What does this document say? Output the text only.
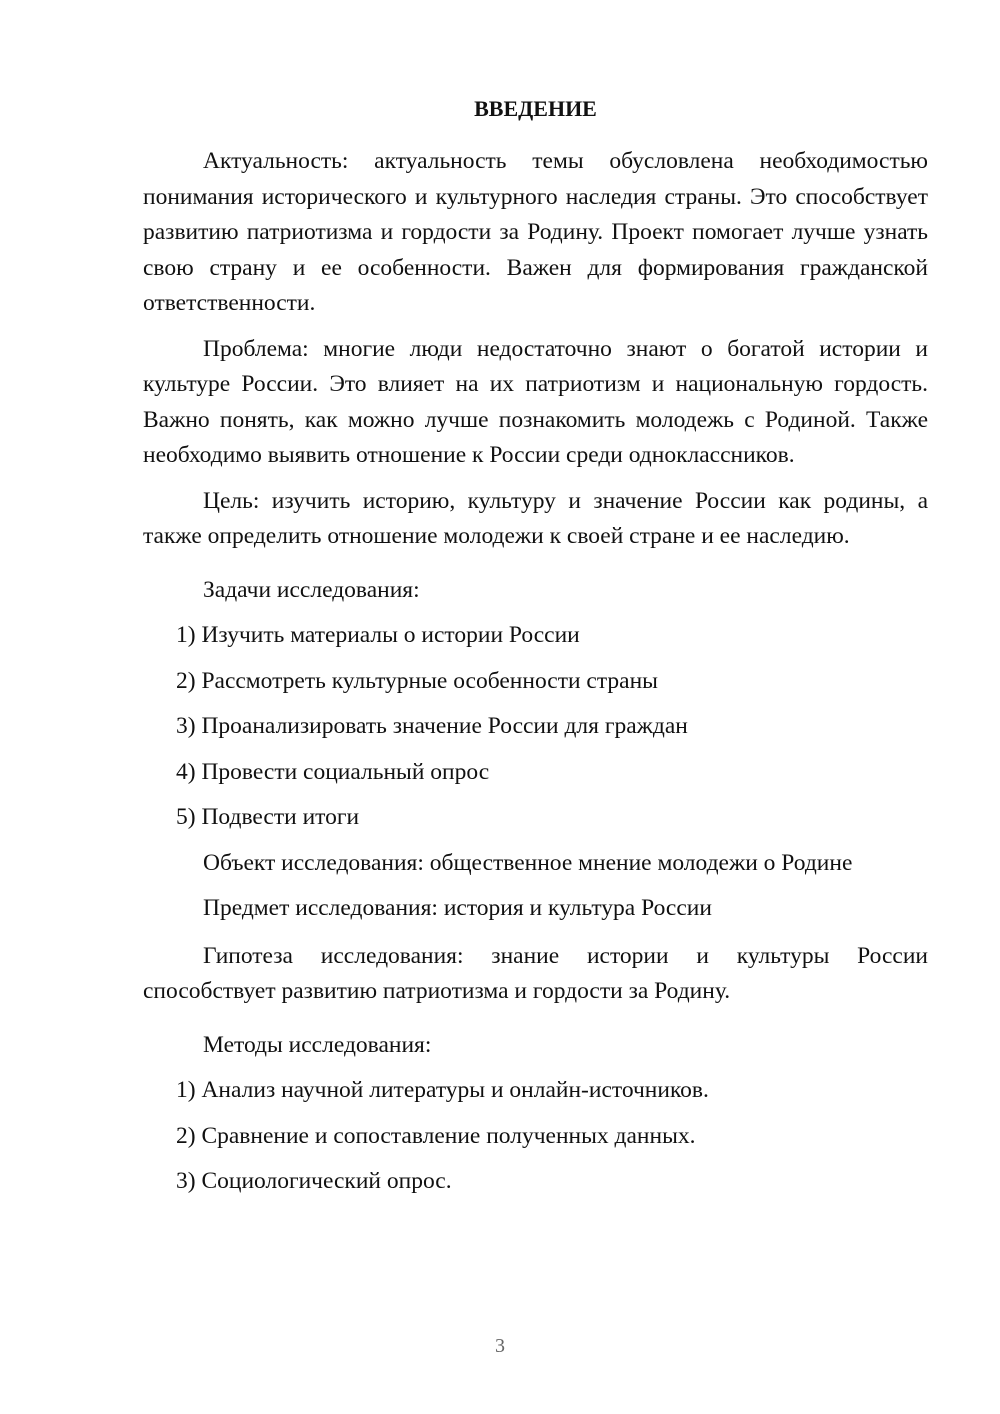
ВВЕДЕНИЕ

Актуальность: актуальность темы обусловлена необходимостью понимания исторического и культурного наследия страны. Это способствует развитию патриотизма и гордости за Родину. Проект помогает лучше узнать свою страну и ее особенности. Важен для формирования гражданской ответственности.

Проблема: многие люди недостаточно знают о богатой истории и культуре России. Это влияет на их патриотизм и национальную гордость. Важно понять, как можно лучше познакомить молодежь с Родиной. Также необходимо выявить отношение к России среди одноклассников.

Цель: изучить историю, культуру и значение России как родины, а также определить отношение молодежи к своей стране и ее наследию.

Задачи исследования:
1) Изучить материалы о истории России
2) Рассмотреть культурные особенности страны
3) Проанализировать значение России для граждан
4) Провести социальный опрос
5) Подвести итоги
Объект исследования: общественное мнение молодежи о Родине
Предмет исследования: история и культура России

Гипотеза исследования: знание истории и культуры России способствует развитию патриотизма и гордости за Родину.

Методы исследования:
1) Анализ научной литературы и онлайн-источников.
2) Сравнение и сопоставление полученных данных.
3) Социологический опрос.
3
